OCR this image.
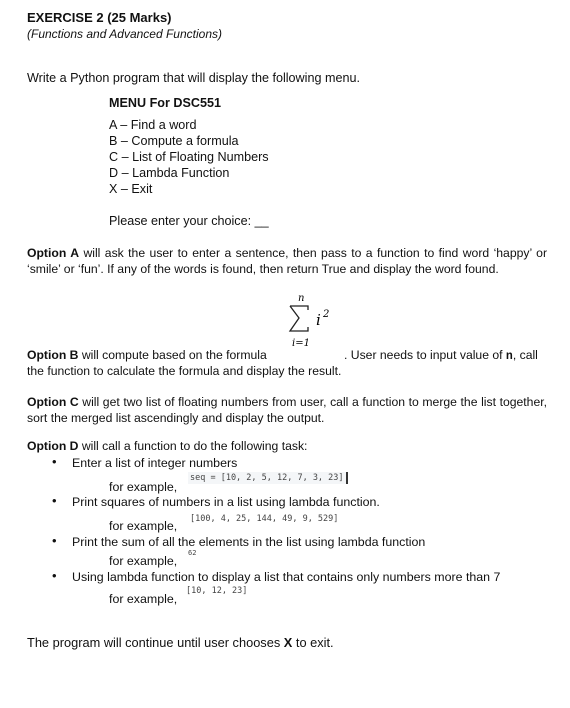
EXERCISE 2 (25 Marks)
(Functions and Advanced Functions)
Write a Python program that will display the following menu.
MENU For DSC551
A – Find a word
B – Compute a formula
C – List of Floating Numbers
D – Lambda Function
X – Exit
Please enter your choice: __
Option A will ask the user to enter a sentence, then pass to a function to find word ‘happy’ or ‘smile’ or ‘fun’. If any of the words is found, then return True and display the word found.
n
i 2
i=1
Option B will compute based on the formula	. User needs to input value of n, call
the function to calculate the formula and display the result.
Option C will get two list of floating numbers from user, call a function to merge the list together, sort the merged list ascendingly and display the output.
Option D will call a function to do the following task:
• Enter a list of integer numbers
seq = [10, 2, 5, 12, 7, 3, 23]
for example,
• Print squares of numbers in a list using lambda function.
[100, 4, 25, 144, 49, 9, 529]
for example,
• Print the sum of all the elements in the list using lambda function
62
for example,
• Using lambda function to display a list that contains only numbers more than 7
[10, 12, 23]
for example,
The program will continue until user chooses X to exit.
